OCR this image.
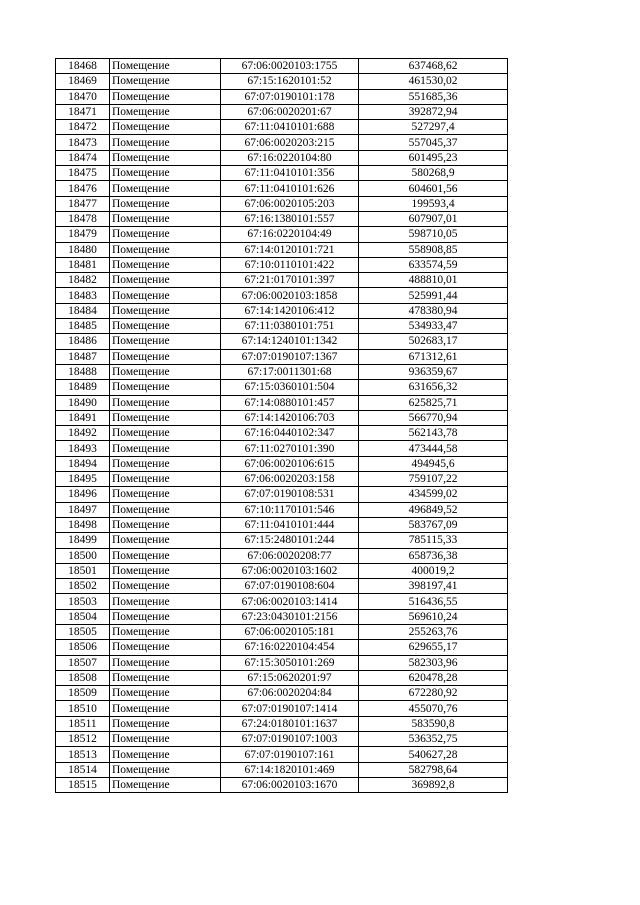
18468	Помещение	67:06:0020103:1755	637468,62
18469	Помещение	67:15:1620101:52	461530,02
18470	Помещение	67:07:0190101:178	551685,36
18471	Помещение	67:06:0020201:67	392872,94
18472	Помещение	67:11:0410101:688	527297,4
18473	Помещение	67:06:0020203:215	557045,37
18474	Помещение	67:16:0220104:80	601495,23
18475	Помещение	67:11:0410101:356	580268,9
18476	Помещение	67:11:0410101:626	604601,56
18477	Помещение	67:06:0020105:203	199593,4
18478	Помещение	67:16:1380101:557	607907,01
18479	Помещение	67:16:0220104:49	598710,05
18480	Помещение	67:14:0120101:721	558908,85
18481	Помещение	67:10:0110101:422	633574,59
18482	Помещение	67:21:0170101:397	488810,01
18483	Помещение	67:06:0020103:1858	525991,44
18484	Помещение	67:14:1420106:412	478380,94
18485	Помещение	67:11:0380101:751	534933,47
18486	Помещение	67:14:1240101:1342	502683,17
18487	Помещение	67:07:0190107:1367	671312,61
18488	Помещение	67:17:0011301:68	936359,67
18489	Помещение	67:15:0360101:504	631656,32
18490	Помещение	67:14:0880101:457	625825,71
18491	Помещение	67:14:1420106:703	566770,94
18492	Помещение	67:16:0440102:347	562143,78
18493	Помещение	67:11:0270101:390	473444,58
18494	Помещение	67:06:0020106:615	494945,6
18495	Помещение	67:06:0020203:158	759107,22
18496	Помещение	67:07:0190108:531	434599,02
18497	Помещение	67:10:1170101:546	496849,52
18498	Помещение	67:11:0410101:444	583767,09
18499	Помещение	67:15:2480101:244	785115,33
18500	Помещение	67:06:0020208:77	658736,38
18501	Помещение	67:06:0020103:1602	400019,2
18502	Помещение	67:07:0190108:604	398197,41
18503	Помещение	67:06:0020103:1414	516436,55
18504	Помещение	67:23:0430101:2156	569610,24
18505	Помещение	67:06:0020105:181	255263,76
18506	Помещение	67:16:0220104:454	629655,17
18507	Помещение	67:15:3050101:269	582303,96
18508	Помещение	67:15:0620201:97	620478,28
18509	Помещение	67:06:0020204:84	672280,92
18510	Помещение	67:07:0190107:1414	455070,76
18511	Помещение	67:24:0180101:1637	583590,8
18512	Помещение	67:07:0190107:1003	536352,75
18513	Помещение	67:07:0190107:161	540627,28
18514	Помещение	67:14:1820101:469	582798,64
18515	Помещение	67:06:0020103:1670	369892,8
